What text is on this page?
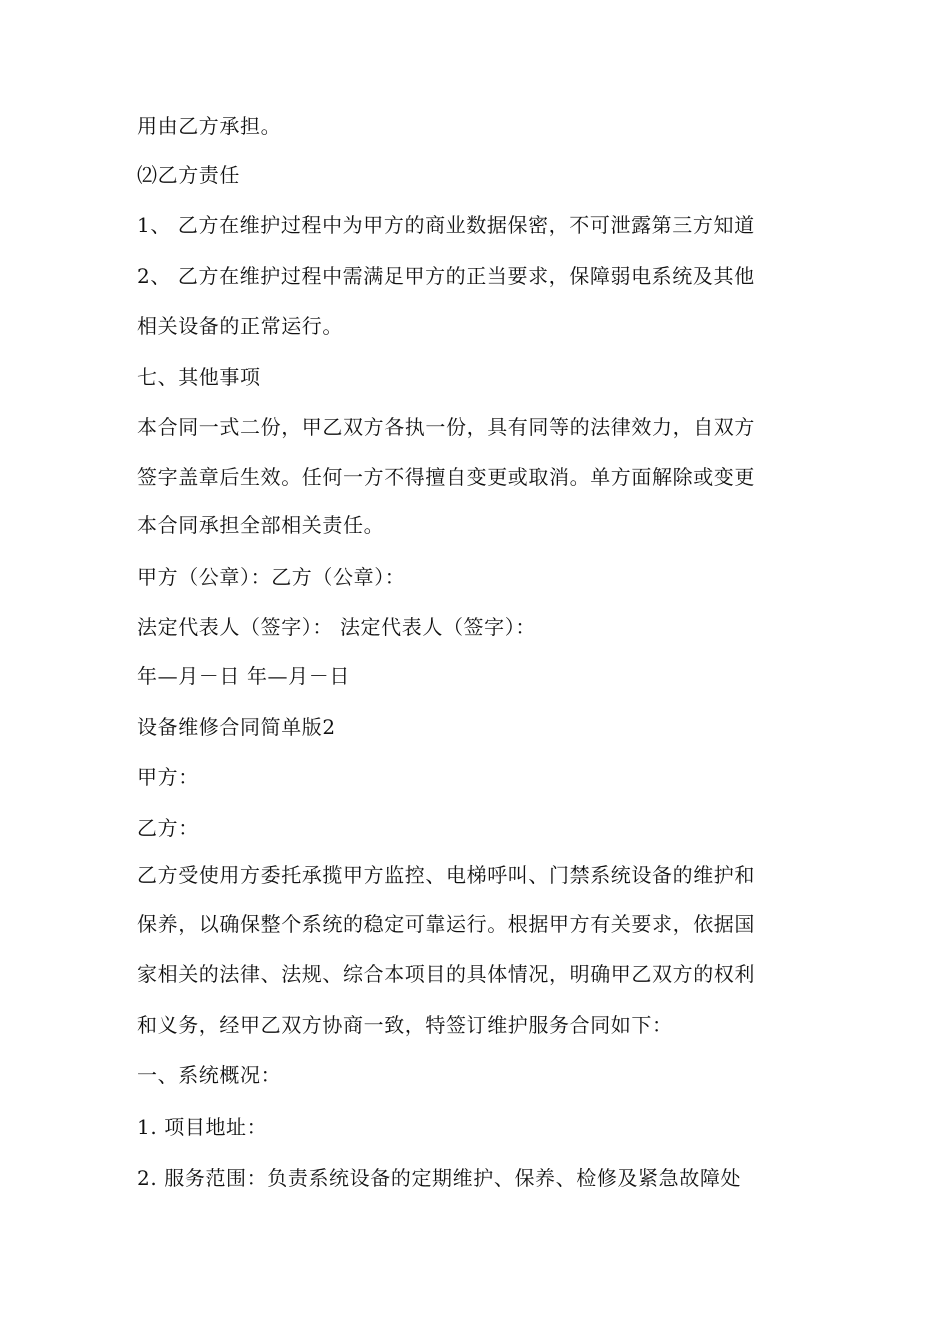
用由乙方承担。

⑵乙方责任

1、 乙方在维护过程中为甲方的商业数据保密，不可泄露第三方知道

2、 乙方在维护过程中需满足甲方的正当要求，保障弱电系统及其他

相关设备的正常运行。

七、其他事项

本合同一式二份，甲乙双方各执一份，具有同等的法律效力，自双方

签字盖章后生效。任何一方不得擅自变更或取消。单方面解除或变更

本合同承担全部相关责任。

甲方（公章）：乙方（公章）：

法定代表人（签字）： 法定代表人（签字）：

年—月－日 年—月－日

设备维修合同简单版2

甲方：

乙方：

乙方受使用方委托承揽甲方监控、电梯呼叫、门禁系统设备的维护和

保养，以确保整个系统的稳定可靠运行。根据甲方有关要求，依据国

家相关的法律、法规、综合本项目的具体情况，明确甲乙双方的权利

和义务，经甲乙双方协商一致，特签订维护服务合同如下：

一、系统概况：

1. 项目地址：

2. 服务范围：负责系统设备的定期维护、保养、检修及紧急故障处
